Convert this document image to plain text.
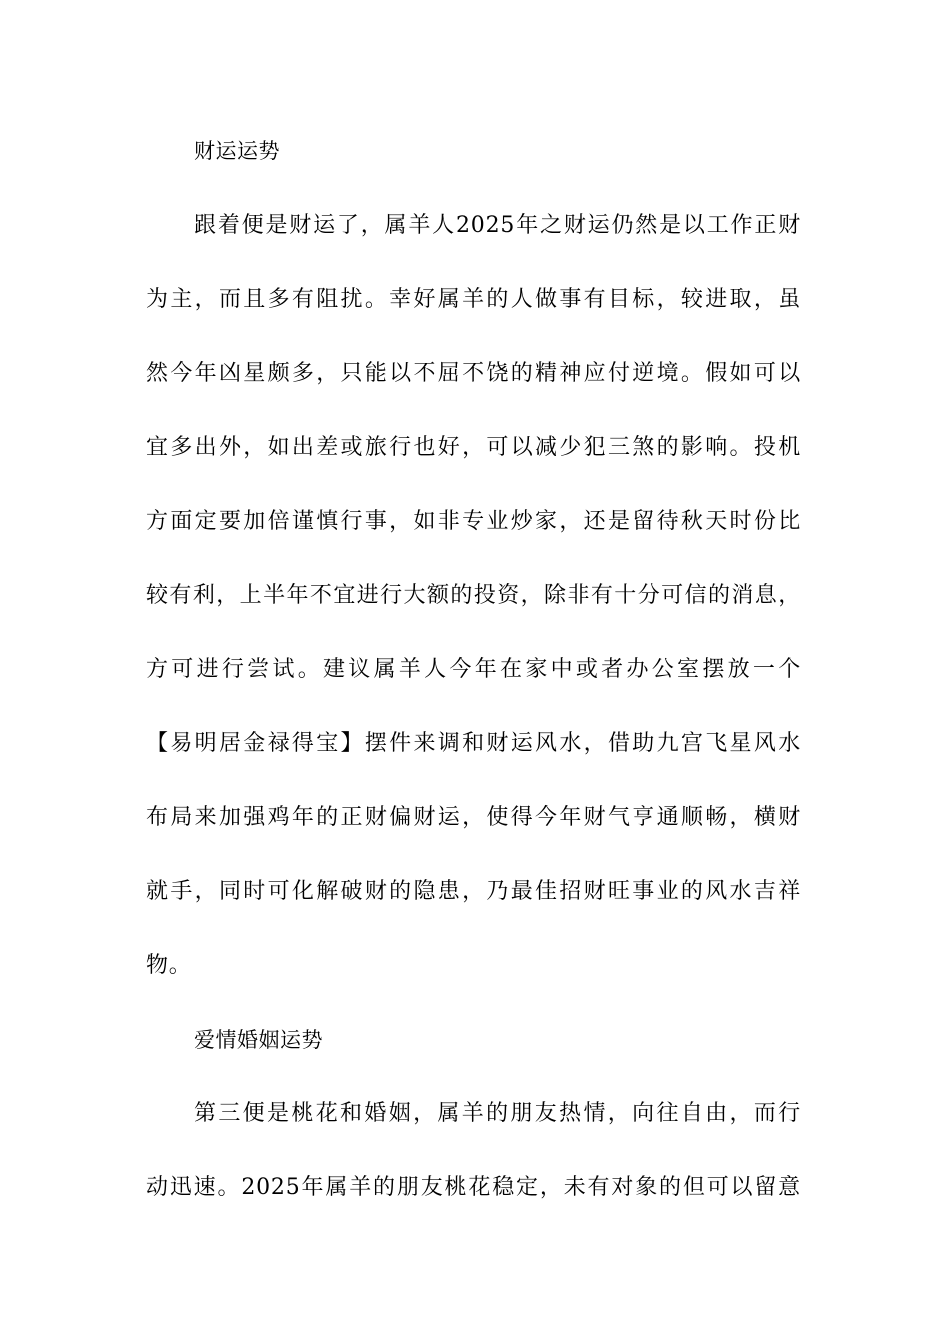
财运运势
跟着便是财运了，属羊人2025年之财运仍然是以工作正财
为主，而且多有阻扰。幸好属羊的人做事有目标，较进取，虽
然今年凶星颇多，只能以不屈不饶的精神应付逆境。假如可以
宜多出外，如出差或旅行也好，可以减少犯三煞的影响。投机
方面定要加倍谨慎行事，如非专业炒家，还是留待秋天时份比
较有利，上半年不宜进行大额的投资，除非有十分可信的消息，
方可进行尝试。建议属羊人今年在家中或者办公室摆放一个
【易明居金禄得宝】摆件来调和财运风水，借助九宫飞星风水
布局来加强鸡年的正财偏财运，使得今年财气亨通顺畅，横财
就手，同时可化解破财的隐患，乃最佳招财旺事业的风水吉祥
物。
爱情婚姻运势
第三便是桃花和婚姻，属羊的朋友热情，向往自由，而行
动迅速。2025年属羊的朋友桃花稳定，未有对象的但可以留意
